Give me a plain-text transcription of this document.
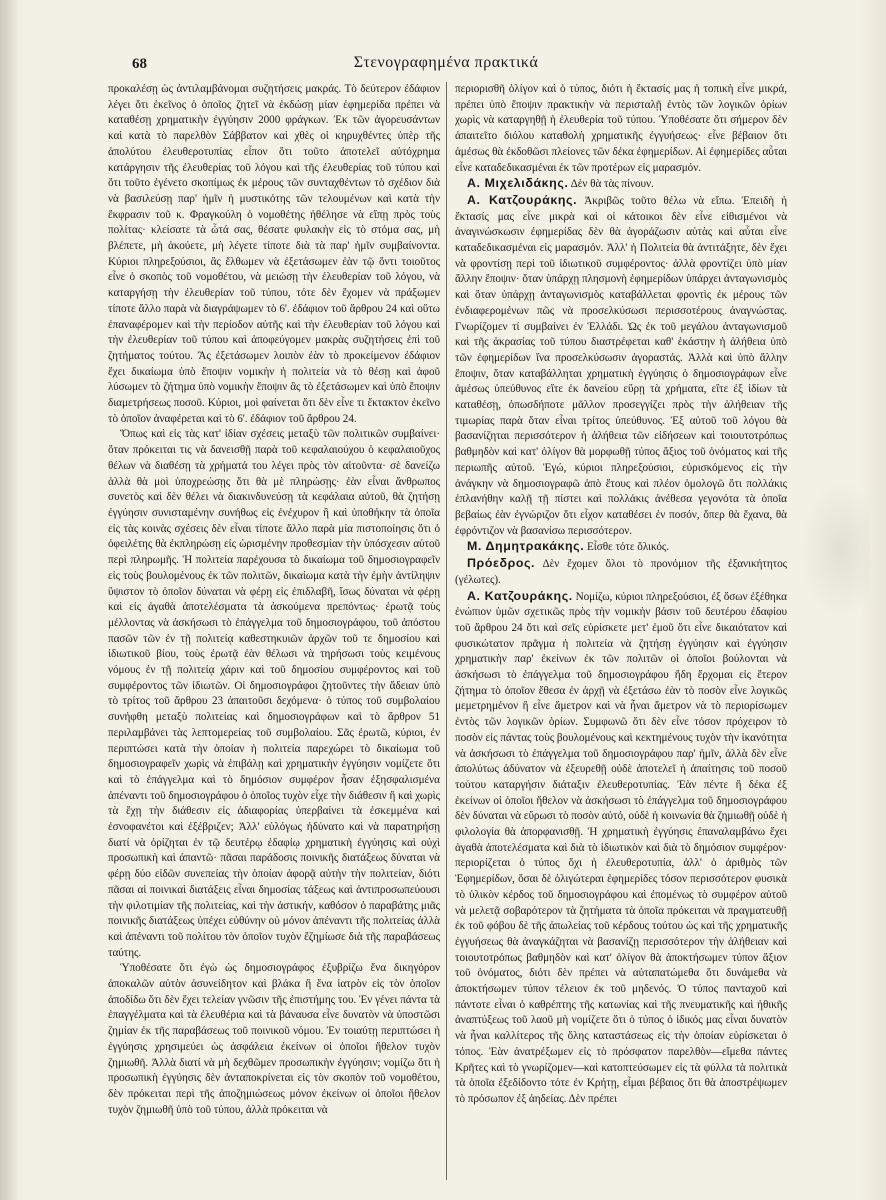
68	Στενογραφημένα πρακτικά

προκαλέσῃ ὡς ἀντιλαμβάνομαι συζητήσεις μακράς. Τὸ δεύτερον ἐδάφιον λέγει ὅτι ἐκεῖνος ὁ ὁποῖος ζητεῖ νὰ ἐκδώσῃ μίαν ἐφημερίδα πρέπει νὰ καταθέσῃ χρηματικὴν ἐγγύησιν 2000 φράγκων. Ἐκ τῶν ἀγορευσάντων καὶ κατὰ τὸ παρελθὸν Σάββατον καὶ χθὲς οἱ κηρυχθέντες ὑπὲρ τῆς ἀπολύτου ἐλευθεροτυπίας εἶπον ὅτι τοῦτο ἀποτελεῖ αὐτόχρημα κατάργησιν τῆς ἐλευθερίας τοῦ λόγου καὶ τῆς ἐλευθερίας τοῦ τύπου καὶ ὅτι τοῦτο ἐγένετο σκοπίμως ἐκ μέρους τῶν συνταχθέντων τὸ σχέδιον διὰ νὰ βασιλεύσῃ παρ' ἡμῖν ἡ μυστικότης τῶν τελουμένων καὶ κατὰ τὴν ἔκφρασιν τοῦ κ. Φραγκούλη ὁ νομοθέτης ἠθέλησε νὰ εἴπῃ πρὸς τοὺς πολίτας· κλείσατε τὰ ὦτά σας, θέσατε φυλακὴν εἰς τὸ στόμα σας, μὴ βλέπετε, μὴ ἀκούετε, μὴ λέγετε τίποτε διὰ τὰ παρ' ἡμῖν συμβαίνοντα. Κύριοι πληρεξούσιοι, ἂς ἔλθωμεν νὰ ἐξετάσωμεν ἐὰν τῷ ὄντι τοιοῦτος εἶνε ὁ σκοπὸς τοῦ νομοθέτου, νὰ μειώσῃ τὴν ἐλευθερίαν τοῦ λόγου, νὰ καταργήσῃ τὴν ἐλευθερίαν τοῦ τύπου, τότε δὲν ἔχομεν νὰ πράξωμεν τίποτε ἄλλο παρὰ νὰ διαγράψωμεν τὸ 6'. ἐδάφιον τοῦ ἄρθρου 24 καὶ οὕτω ἐπαναφέρομεν καὶ τὴν περίοδον αὐτῆς καὶ τὴν ἐλευθερίαν τοῦ λόγου καὶ τὴν ἐλευθερίαν τοῦ τύπου καὶ ἀποφεύγομεν μακρὰς συζητήσεις ἐπὶ τοῦ ζητήματος τούτου. Ἂς ἐξετάσωμεν λοιπὸν ἐὰν τὸ προκείμενον ἐδάφιον ἔχει δικαίωμα ὑπὸ ἔποψιν νομικὴν ἡ πολιτεία νὰ τὸ θέσῃ καὶ ἀφοῦ λύσωμεν τὸ ζήτημα ὑπὸ νομικὴν ἔποψιν ἂς τὸ ἐξετάσωμεν καὶ ὑπὸ ἔποψιν διαμετρήσεως ποσοῦ. Κύριοι, μοὶ φαίνεται ὅτι δὲν εἶνε τι ἔκτακτον ἐκεῖνο τὸ ὁποῖον ἀναφέρεται καὶ τὸ 6'. ἐδάφιον τοῦ ἄρθρου 24.

Ὅπως καὶ εἰς τὰς κατ' ἰδίαν σχέσεις μεταξὺ τῶν πολιτικῶν συμβαίνει· ὅταν πρόκειται τις νὰ δανεισθῇ παρὰ τοῦ κεφαλαιούχου ὁ κεφαλαιοῦχος θέλων νὰ διαθέσῃ τὰ χρήματά του λέγει πρὸς τὸν αἰτοῦντα· σὲ δανείζω ἀλλὰ θὰ μοὶ ὑποχρεώσῃς ὅτι θὰ μὲ πληρώσῃς· ἐὰν εἶναι ἄνθρωπος συνετὸς καὶ δὲν θέλει νὰ διακινδυνεύσῃ τὰ κεφάλαια αὐτοῦ, θὰ ζητήσῃ ἐγγύησιν συνισταμένην συνήθως εἰς ἐνέχυρον ἢ καὶ ὑποθήκην τὰ ὁποῖα εἰς τὰς κοινὰς σχέσεις δὲν εἶναι τίποτε ἄλλο παρὰ μία πιστοποίησις ὅτι ὁ ὀφειλέτης θὰ ἐκπληρώσῃ εἰς ὡρισμένην προθεσμίαν τὴν ὑπόσχεσιν αὐτοῦ περὶ πληρωμῆς. Ἡ πολιτεία παρέχουσα τὸ δικαίωμα τοῦ δημοσιογραφεῖν εἰς τοὺς βουλομένους ἐκ τῶν πολιτῶν, δικαίωμα κατὰ τὴν ἐμὴν ἀντίληψιν ὕψιστον τὸ ὁποῖον δύναται νὰ φέρῃ εἰς ἐπιδλαβῆ, ἴσως δύναται νὰ φέρῃ καὶ εἰς ἀγαθὰ ἀποτελέσματα τὰ ἀσκούμενα πρεπόντως· ἐρωτᾷ τοὺς μέλλοντας νὰ ἀσκήσωσι τὸ ἐπάγγελμα τοῦ δημοσιογράφου, τοῦ ἀπόστου πασῶν τῶν ἐν τῇ πολιτείᾳ καθεστηκυιῶν ἀρχῶν τοῦ τε δημοσίου καὶ ἰδιωτικοῦ βίου, τοὺς ἐρωτᾷ ἐὰν θέλωσι νὰ τηρήσωσι τοὺς κειμένους νόμους ἐν τῇ πολιτείᾳ χάριν καὶ τοῦ δημοσίου συμφέροντος καὶ τοῦ συμφέροντος τῶν ἰδιωτῶν. Οἱ δημοσιογράφοι ζητοῦντες τὴν ἄδειαν ὑπὸ τὸ τρίτος τοῦ ἄρθρου 23 ἀπαιτοῦσι δεχόμενα· ὁ τύπος τοῦ συμβολαίου συνήφθη μεταξὺ πολιτείας καὶ δημοσιογράφων καὶ τὸ ἄρθρον 51 περιλαμβάνει τὰς λεπτομερείας τοῦ συμβολαίου. Σᾶς ἐρωτῶ, κύριοι, ἐν περιπτώσει κατὰ τὴν ὁποίαν ἡ πολιτεία παρεχώρει τὸ δικαίωμα τοῦ δημοσιογραφεῖν χωρὶς νὰ ἐπιβάλῃ καὶ χρηματικὴν ἐγγύησιν νομίζετε ὅτι καὶ τὸ ἐπάγγελμα καὶ τὸ δημόσιον συμφέρον ἦσαν ἐξησφαλισμένα ἀπέναντι τοῦ δημοσιογράφου ὁ ὁποῖος τυχὸν εἶχε τὴν διάθεσιν ἢ καὶ χωρὶς τὰ ἔχῃ τὴν διάθεσιν εἰς ἀδιαφορίας ὑπερβαίνει τὰ ἐσκεμμένα καὶ ἐσνοφανέτοι καὶ ἐξέβριζεν; Ἀλλ' εὐλόγως ἠδύνατο καὶ νὰ παρατηρήσῃ διατί νὰ ὁρίζηται ἐν τῷ δευτέρῳ ἐδαφίῳ χρηματικὴ ἐγγύησις καὶ οὐχὶ προσωπικὴ καὶ ἀπαντῶ· πᾶσαι παράδοσις ποινικῆς διατάξεως δύναται νὰ φέρῃ δύο εἰδῶν συνεπείας τὴν ὁποίαν ἀφορᾷ αὐτὴν τὴν πολιτείαν, διότι πᾶσαι αἱ ποινικαὶ διατάξεις εἶναι δημοσίας τάξεως καὶ ἀντιπροσωπεύουσι τὴν φιλοτιμίαν τῆς πολιτείας, καὶ τὴν ἀστικήν, καθόσον ὁ παραβάτης μιᾶς ποινικῆς διατάξεως ὑπέχει εὐθύνην οὐ μόνον ἀπέναντι τῆς πολιτείας ἀλλὰ καὶ ἀπέναντι τοῦ πολίτου τὸν ὁποῖον τυχὸν ἔζημίωσε διὰ τῆς παραβάσεως ταύτης.

Ὑποθέσατε ὅτι ἐγὼ ὡς δημοσιογράφος ἐξυβρίζω ἕνα δικηγόρον ἀποκαλῶν αὐτὸν ἀσυνείδητον καὶ βλάκα ἢ ἕνα ἰατρὸν εἰς τὸν ὁποῖον ἀποδίδω ὅτι δὲν ἔχει τελείαν γνῶσιν τῆς ἐπιστήμης του. Ἐν γένει πάντα τὰ ἐπαγγέλματα καὶ τὰ ἐλευθέρια καὶ τὰ βάναυσα εἶνε δυνατὸν νὰ ὑποστῶσι ζημίαν ἐκ τῆς παραβάσεως τοῦ ποινικοῦ νόμου. Ἐν τοιαύτῃ περιπτώσει ἡ ἐγγύησις χρησιμεύει ὡς ἀσφάλεια ἐκείνων οἱ ὁποῖοι ἤθελον τυχὸν ζημιωθῆ. Ἀλλὰ διατί νὰ μὴ δεχθῶμεν προσωπικὴν ἐγγύησιν; νομίζω ὅτι ἡ προσωπικὴ ἐγγύησις δὲν ἀνταποκρίνεται εἰς τὸν σκοπὸν τοῦ νομοθέτου, δὲν πρόκειται περὶ τῆς ἀποζημιώσεως μόνον ἐκείνων οἱ ὁποῖοι ἤθελον τυχὸν ζημιωθῆ ὑπὸ τοῦ τύπου, ἀλλὰ πρόκειται νὰ

περιορισθῆ ὀλίγον καὶ ὁ τύπος, διότι ἡ ἔκτασίς μας ἡ τοπικὴ εἶνε μικρά, πρέπει ὑπὸ ἔποψιν πρακτικὴν νὰ περισταλῇ ἐντὸς τῶν λογικῶν ὁρίων χωρὶς νὰ καταργηθῇ ἡ ἐλευθερία τοῦ τύπου. Ὑποθέσατε ὅτι σήμερον δὲν ἀπαιτεῖτο διόλου καταθολὴ χρηματικῆς ἐγγυήσεως· εἶνε βέβαιον ὅτι ἀμέσως θὰ ἐκδοθῶσι πλείονες τῶν δέκα ἐφημερίδων. Αἱ ἐφημερίδες αὗται εἶνε καταδεδικασμέναι ἐκ τῶν προτέρων εἰς μαρασμόν.

Α. Μιχελιδάκης. Δὲν θὰ τὰς πίνουν.

Α. Κατζουράκης. Ἀκριβῶς τοῦτο θέλω νὰ εἴπω. Ἐπειδὴ ἡ ἔκτασίς μας εἶνε μικρὰ καὶ οἱ κάτοικοι δὲν εἶνε εἰθισμένοι νὰ ἀναγινώσκωσιν ἐφημερίδας δὲν θὰ ἀγοράζωσιν αὐτὰς καὶ αὗται εἶνε καταδεδικασμέναι εἰς μαρασμόν. Ἀλλ' ἡ Πολιτεία θὰ ἀντιτάξητε, δὲν ἔχει νὰ φροντίσῃ περὶ τοῦ ἰδιωτικοῦ συμφέροντος· ἀλλὰ φροντίζει ὑπὸ μίαν ἄλλην ἔποψιν· ὅταν ὑπάρχῃ πλησμονὴ ἐφημερίδων ὑπάρχει ἀνταγωνισμὸς καὶ ὅταν ὑπάρχῃ ἀνταγωνισμὸς καταβάλλεται φροντὶς ἐκ μέρους τῶν ἐνδιαφερομένων πῶς νὰ προσελκύσωσι περισσοτέρους ἀναγνώστας. Γνωρίζομεν τί συμβαίνει ἐν Ἑλλάδι. Ὡς ἐκ τοῦ μεγάλου ἀνταγωνισμοῦ καὶ τῆς ἀκρασίας τοῦ τύπου διαστρέφεται καθ' ἑκάστην ἡ ἀλήθεια ὑπὸ τῶν ἐφημερίδων ἵνα προσελκύσωσιν ἀγοραστάς. Ἀλλὰ καὶ ὑπὸ ἄλλην ἔποψιν, ὅταν καταβάλληται χρηματικὴ ἐγγύησις ὁ δημοσιογράφων εἶνε ἀμέσως ὑπεύθυνος εἴτε ἐκ δανείου εὕρῃ τὰ χρήματα, εἴτε ἐξ ἰδίων τὰ καταθέσῃ, ὁπωσδήποτε μᾶλλον προσεγγίζει πρὸς τὴν ἀλήθειαν τῆς τιμωρίας παρὰ ὅταν εἶναι τρίτος ὑπεύθυνος. Ἐξ αὐτοῦ τοῦ λόγου θὰ βασανίζηται περισσότερον ἡ ἀλήθεια τῶν εἰδήσεων καὶ τοιουτοτρόπως βαθμηδὸν καὶ κατ' ὀλίγον θὰ μορφωθῇ τύπος ἄξιος τοῦ ὀνόματος καὶ τῆς περιωπῆς αὐτοῦ. Ἐγώ, κύριοι πληρεξούσιοι, εὑρισκόμενος εἰς τὴν ἀνάγκην νὰ δημοσιογραφῶ ἀπὸ ἔτους καὶ πλέον ὁμολογῶ ὅτι πολλάκις ἐπλανήθην καλῇ τῇ πίστει καὶ πολλάκις ἀνέθεσα γεγονότα τὰ ὁποῖα βεβαίως ἐὰν ἐγνώριζον ὅτι εἶχον καταθέσει ἐν ποσόν, ὅπερ θὰ ἔχανα, θὰ ἐφρόντιζον νὰ βασανίσω περισσότερον.

Μ. Δημητρακάκης. Εἶσθε τότε ὅλικός.

Πρόεδρος. Δὲν ἔχομεν ὅλοι τὸ προνόμιον τῆς ἐξανικήτητος (γέλωτες).

Α. Κατζουράκης. Νομίζω, κύριοι πληρεξούσιοι, ἐξ ὅσων ἐξέθηκα ἐνώπιον ὑμῶν σχετικῶς πρὸς τὴν νομικὴν βάσιν τοῦ δευτέρου ἐδαφίου τοῦ ἄρθρου 24 ὅτι καὶ σεῖς εὑρίσκετε μετ' ἐμοῦ ὅτι εἶνε δικαιότατον καὶ φυσικώτατον πρᾶγμα ἡ πολιτεία νὰ ζητήσῃ ἐγγύησιν καὶ ἐγγύησιν χρηματικὴν παρ' ἐκείνων ἐκ τῶν πολιτῶν οἱ ὁποῖοι βούλονται νὰ ἀσκήσωσι τὸ ἐπάγγελμα τοῦ δημοσιογράφου ἤδη ἔρχομαι εἰς ἕτερον ζήτημα τὸ ὁποῖον ἔθεσα ἐν ἀρχῇ νὰ ἐξετάσω ἐὰν τὸ ποσὸν εἶνε λογικῶς μεμετρημένον ἢ εἶνε ἄμετρον καὶ νὰ ἦναι ἄμετρον νὰ τὸ περιορίσωμεν ἐντὸς τῶν λογικῶν ὁρίων. Συμφωνῶ ὅτι δὲν εἶνε τόσον πρόχειρον τὸ ποσὸν εἰς πάντας τοὺς βουλομένους καὶ κεκτημένους τυχὸν τὴν ἱκανότητα νὰ ἀσκήσωσι τὸ ἐπάγγελμα τοῦ δημοσιογράφου παρ' ἡμῖν, ἀλλὰ δὲν εἶνε ἀπολύτως ἀδύνατον νὰ ἐξευρεθῇ οὐδὲ ἀποτελεῖ ἡ ἀπαίτησις τοῦ ποσοῦ τούτου καταργήσιν διάταξιν ἐλευθεροτυπίας. Ἐὰν πέντε ἢ δέκα ἐξ ἐκείνων οἱ ὁποῖοι ἤθελον νὰ ἀσκήσωσι τὸ ἐπάγγελμα τοῦ δημοσιογράφου δὲν δύναται νὰ εὕρωσι τὸ ποσὸν αὐτό, οὐδὲ ἡ κοινωνία θὰ ζημιωθῇ οὐδὲ ἡ φιλολογία θὰ ἀπορφανισθῇ. Ἡ χρηματικὴ ἐγγύησις ἐπαναλαμβάνω ἔχει ἀγαθὰ ἀποτελέσματα καὶ διὰ τὸ ἰδιωτικὸν καὶ διὰ τὸ δημόσιον συμφέρον· περιορίζεται ὁ τύπος ὄχι ἡ ἐλευθεροτυπία, ἀλλ' ὁ ἀριθμὸς τῶν Ἐφημερίδων, ὅσαι δὲ ὀλιγώτεραι ἐφημερίδες τόσον περισσότερον φυσικὰ τὸ ὑλικὸν κέρδος τοῦ δημοσιογράφου καὶ ἐπομένως τὸ συμφέρον αὐτοῦ νὰ μελετᾷ σοβαρότερον τὰ ζητήματα τὰ ὁποῖα πρόκειται νὰ πραγματευθῇ ἐκ τοῦ φόβου δὲ τῆς ἀπωλείας τοῦ κέρδους τούτου ὡς καὶ τῆς χρηματικῆς ἐγγυήσεως θὰ ἀναγκάζηται νὰ βασανίζῃ περισσότερον τὴν ἀλήθειαν καὶ τοιουτοτρόπως βαθμηδὸν καὶ κατ' ὀλίγον θὰ ἀποκτήσωμεν τύπον ἄξιον τοῦ ὀνόματος, διότι δὲν πρέπει νὰ αὐταπατώμεθα ὅτι δυνάμεθα νὰ ἀποκτήσωμεν τύπον τέλειον ἐκ τοῦ μηδενός. Ὁ τύπος πανταχοῦ καὶ πάντοτε εἶναι ὁ καθρέπτης τῆς κατωνίας καὶ τῆς πνευματικῆς καὶ ἠθικῆς ἀναπτύξεως τοῦ λαοῦ μὴ νομίζετε ὅτι ὁ τύπος ὁ ἰδικός μας εἶναι δυνατὸν νὰ ἦναι καλλίτερος τῆς ὅλης καταστάσεως εἰς τὴν ὁποίαν εὑρίσκεται ὁ τόπος. Ἐὰν ἀνατρέξωμεν εἰς τὸ πρόσφατον παρελθὸν—εἴμεθα πάντες Κρῆτες καὶ τὸ γνωρίζομεν—καὶ κατοπτεύσωμεν εἰς τὰ φύλλα τὰ πολιτικὰ τὰ ὁποῖα ἐξεδίδοντο τότε ἐν Κρήτῃ, εἶμαι βέβαιος ὅτι θὰ ἀποστρέψωμεν τὸ πρόσωπον ἐξ ἀηδείας. Δὲν πρέπει
